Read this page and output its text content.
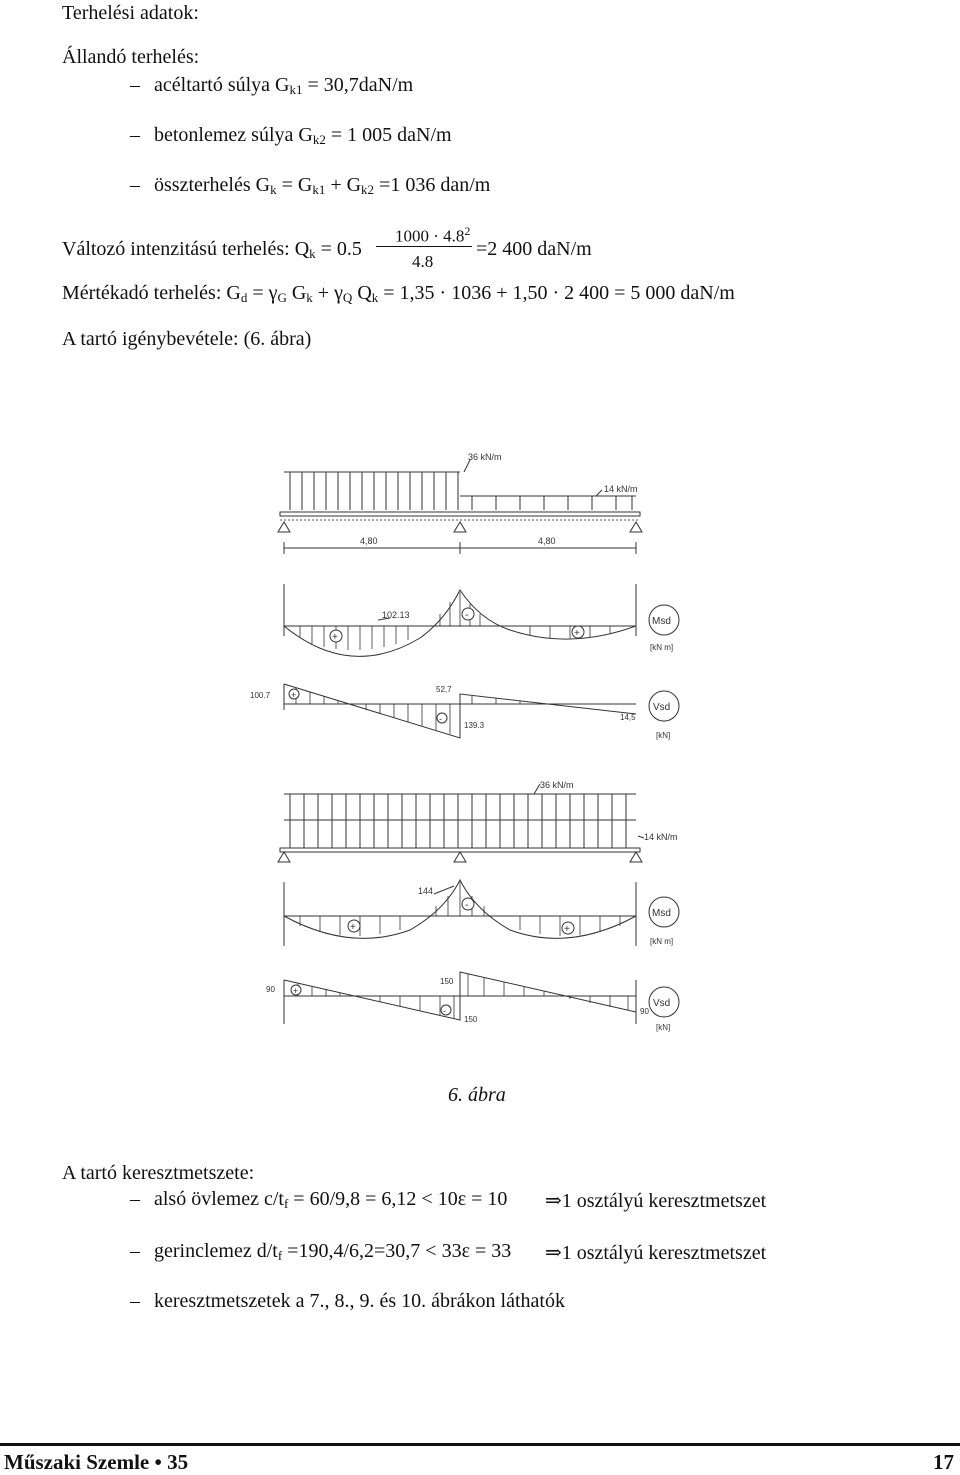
Terhelési adatok:
Állandó terhelés:
– acéltartó súlya $G_{k1} = 30,7daN/m$
– betonlemez súlya $G_{k2} = 1$ 005 daN/m
– összterhelés $G_k = G_{k1} + G_{k2} =1$ 036 dan/m
Változó intenzitású terhelés: $Q_k = 0.5$
$1000 \cdot 4.8^2$
4.8
=2 400 daN/m
Mértékadó terhelés: $G_d = \gamma_G$ $G_k + \gamma_Q$ $Q_k = 1,35 \cdot 1036 + 1,50 \cdot 2$ 400 = 5 000 daN/m
A tartó igénybevétele: (6. ábra)
36 kN/m
14 kN/m
4,80	4,80
102.13
+
-
+
Msd
[kN m]
100.7
52,7
139.3
14,5
+
-
Vsd
[kN]
36 kN/m
14 kN/m
144
+
-
+
Msd
[kN m]
90
150
150
90
+
-
Vsd
[kN]
6. ábra
A tartó keresztmetszete:
– alsó övlemez $c/t_f = 60/9,8 = 6,12 < 10\varepsilon = 10$ ⇒1 osztályú keresztmetszet
– gerinclemez $d/t_f =190,4/6,2=30,7 < 33\varepsilon = 33$ ⇒1 osztályú keresztmetszet
– keresztmetszetek a 7., 8., 9. és 10. ábrákon láthatók
Műszaki Szemle • 35	17
